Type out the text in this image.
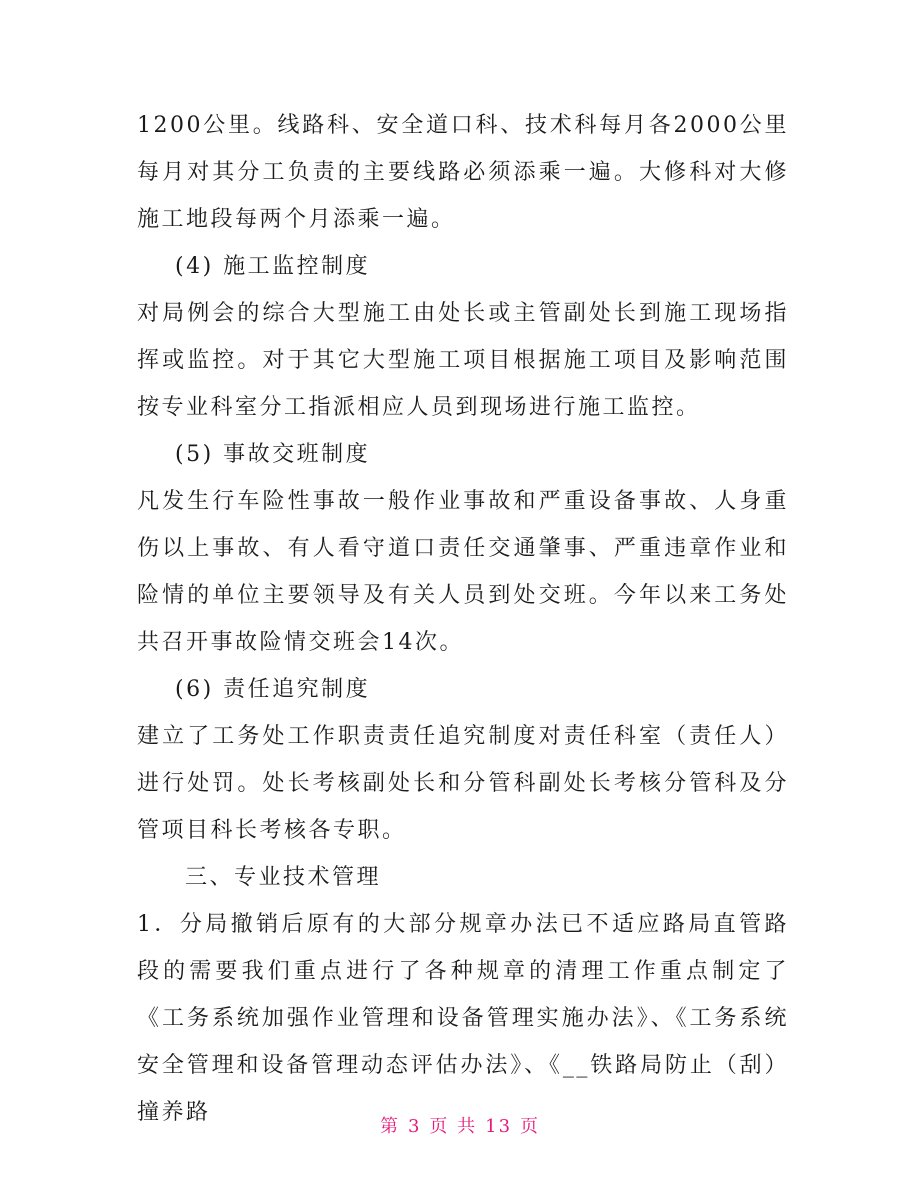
1200公里。线路科、安全道口科、技术科每月各2000公里每月对其分工负责的主要线路必须添乘一遍。大修科对大修施工地段每两个月添乘一遍。

(4) 施工监控制度

对局例会的综合大型施工由处长或主管副处长到施工现场指挥或监控。对于其它大型施工项目根据施工项目及影响范围按专业科室分工指派相应人员到现场进行施工监控。

(5) 事故交班制度

凡发生行车险性事故一般作业事故和严重设备事故、人身重伤以上事故、有人看守道口责任交通肇事、严重违章作业和险情的单位主要领导及有关人员到处交班。今年以来工务处共召开事故险情交班会14次。

(6) 责任追究制度

建立了工务处工作职责责任追究制度对责任科室（责任人）进行处罚。处长考核副处长和分管科副处长考核分管科及分管项目科长考核各专职。

三、专业技术管理

1．分局撤销后原有的大部分规章办法已不适应路局直管路段的需要我们重点进行了各种规章的清理工作重点制定了《工务系统加强作业管理和设备管理实施办法》、《工务系统安全管理和设备管理动态评估办法》、《__铁路局防止（刮）撞养路

第 3 页 共 13 页
